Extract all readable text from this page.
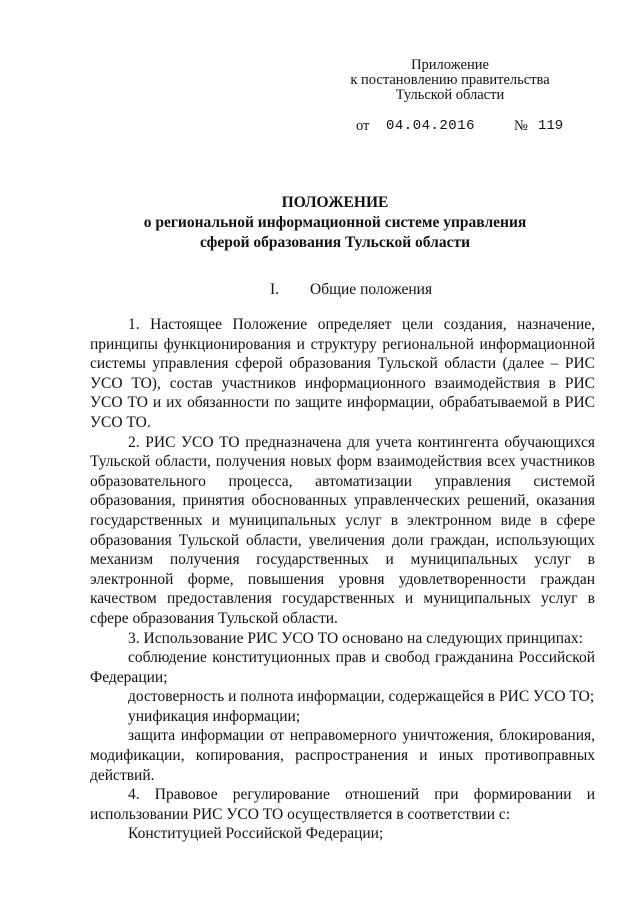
Приложение
к постановлению правительства
Тульской области
от 04.04.2016	№ 119
ПОЛОЖЕНИЕ
о региональной информационной системе управления
сферой образования Тульской области
I. Общие положения

1. Настоящее Положение определяет цели создания, назначение, принципы функционирования и структуру региональной информационной системы управления сферой образования Тульской области (далее – РИС УСО ТО), состав участников информационного взаимодействия в РИС УСО ТО и их обязанности по защите информации, обрабатываемой в РИС УСО ТО.

2. РИС УСО ТО предназначена для учета контингента обучающихся Тульской области, получения новых форм взаимодействия всех участников образовательного процесса, автоматизации управления системой образования, принятия обоснованных управленческих решений, оказания государственных и муниципальных услуг в электронном виде в сфере образования Тульской области, увеличения доли граждан, использующих механизм получения государственных и муниципальных услуг в электронной форме, повышения уровня удовлетворенности граждан качеством предоставления государственных и муниципальных услуг в сфере образования Тульской области.

3. Использование РИС УСО ТО основано на следующих принципах:

соблюдение конституционных прав и свобод гражданина Российской Федерации;

достоверность и полнота информации, содержащейся в РИС УСО ТО;

унификация информации;

защита информации от неправомерного уничтожения, блокирования, модификации, копирования, распространения и иных противоправных действий.

4. Правовое регулирование отношений при формировании и использовании РИС УСО ТО осуществляется в соответствии с:

Конституцией Российской Федерации;
